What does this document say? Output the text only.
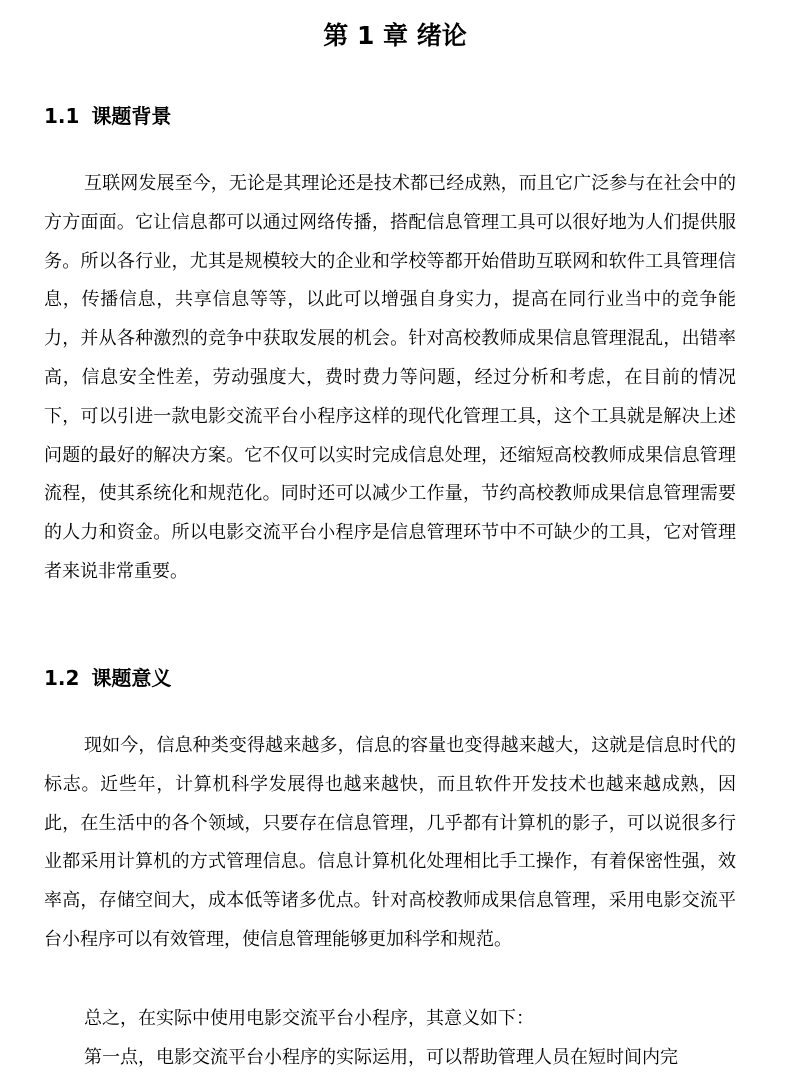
第 1 章 绪论
1.1 课题背景

互联网发展至今，无论是其理论还是技术都已经成熟，而且它广泛参与在社会中的方方面面。它让信息都可以通过网络传播，搭配信息管理工具可以很好地为人们提供服务。所以各行业，尤其是规模较大的企业和学校等都开始借助互联网和软件工具管理信息，传播信息，共享信息等等，以此可以增强自身实力，提高在同行业当中的竞争能力，并从各种激烈的竞争中获取发展的机会。针对高校教师成果信息管理混乱，出错率高，信息安全性差，劳动强度大，费时费力等问题，经过分析和考虑，在目前的情况下，可以引进一款电影交流平台小程序这样的现代化管理工具，这个工具就是解决上述问题的最好的解决方案。它不仅可以实时完成信息处理，还缩短高校教师成果信息管理流程，使其系统化和规范化。同时还可以减少工作量，节约高校教师成果信息管理需要的人力和资金。所以电影交流平台小程序是信息管理环节中不可缺少的工具，它对管理者来说非常重要。

1.2 课题意义

现如今，信息种类变得越来越多，信息的容量也变得越来越大，这就是信息时代的标志。近些年，计算机科学发展得也越来越快，而且软件开发技术也越来越成熟，因此，在生活中的各个领域，只要存在信息管理，几乎都有计算机的影子，可以说很多行业都采用计算机的方式管理信息。信息计算机化处理相比手工操作，有着保密性强，效率高，存储空间大，成本低等诸多优点。针对高校教师成果信息管理，采用电影交流平台小程序可以有效管理，使信息管理能够更加科学和规范。

总之，在实际中使用电影交流平台小程序，其意义如下：

第一点，电影交流平台小程序的实际运用，可以帮助管理人员在短时间内完
